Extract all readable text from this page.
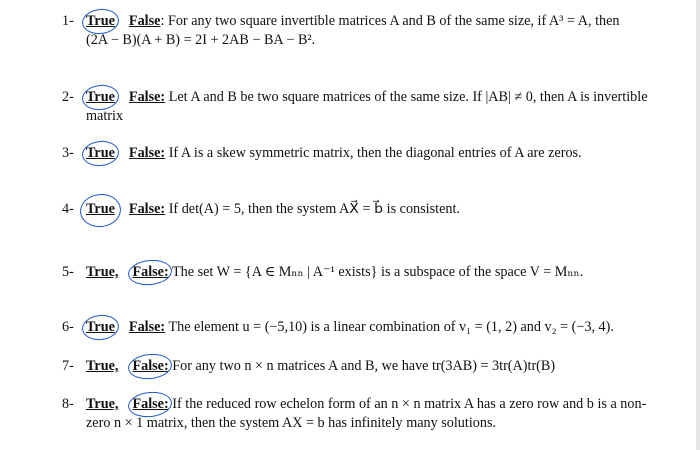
1- True False: For any two square invertible matrices A and B of the same size, if A³ = A, then
(2A − B)(A + B) = 2I + 2AB − BA − B².
2- True False: Let A and B be two square matrices of the same size. If |AB| ≠ 0, then A is invertible
matrix
3- True False: If A is a skew symmetric matrix, then the diagonal entries of A are zeros.
4- True False: If det(A) = 5, then the system AX⃗ = b⃗ is consistent.
5- True, False: The set W = {A ∈ Mₙₙ | A⁻¹ exists} is a subspace of the space V = Mₙₙ.
6- True False: The element u = (−5,10) is a linear combination of v₁ = (1, 2) and v₂ = (−3, 4).
7- True, False: For any two n × n matrices A and B, we have tr(3AB) = 3tr(A)tr(B)
8- True, False: If the reduced row echelon form of an n × n matrix A has a zero row and b is a non-
zero n × 1 matrix, then the system AX = b has infinitely many solutions.
